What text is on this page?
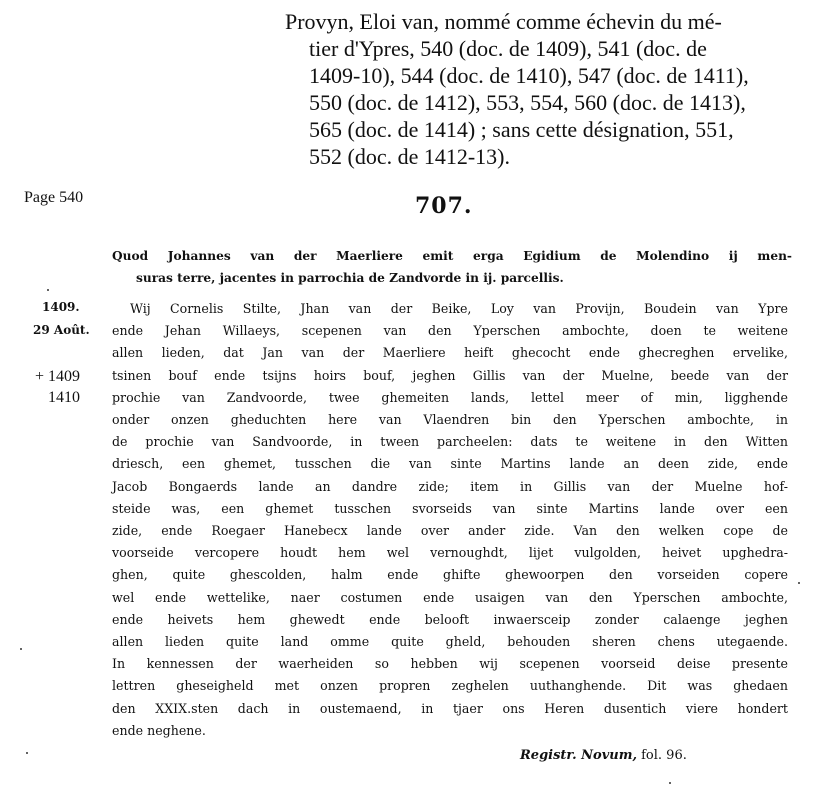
Provyn, Eloi van, nommé comme échevin du mé-
tier d'Ypres, 540 (doc. de 1409), 541 (doc. de
1409-10), 544 (doc. de 1410), 547 (doc. de 1411),
550 (doc. de 1412), 553, 554, 560 (doc. de 1413),
565 (doc. de 1414) ; sans cette désignation, 551,
552 (doc. de 1412-13).
Page 540	707.
Quod Johannes van der Maerliere emit erga Egidium de Molendino ij men-
suras terre, jacentes in parrochia de Zandvorde in ij. parcellis.
1409.
29 Août.
+ 1409
1410
Wij Cornelis Stilte, Jhan van der Beike, Loy van Provijn, Boudein van Ypre
ende Jehan Willaeys, scepenen van den Yperschen ambochte, doen te weitene
allen lieden, dat Jan van der Maerliere heift ghecocht ende ghecreghen ervelike,
tsinen bouf ende tsijns hoirs bouf, jeghen Gillis van der Muelne, beede van der
prochie van Zandvoorde, twee ghemeiten lands, lettel meer of min, ligghende
onder onzen gheduchten here van Vlaendren bin den Yperschen ambochte, in
de prochie van Sandvoorde, in tween parcheelen: dats te weitene in den Witten
driesch, een ghemet, tusschen die van sinte Martins lande an deen zide, ende
Jacob Bongaerds lande an dandre zide; item in Gillis van der Muelne hof-
steide was, een ghemet tusschen svorseids van sinte Martins lande over een
zide, ende Roegaer Hanebecx lande over ander zide. Van den welken cope de
voorseide vercopere houdt hem wel vernoughdt, lijet vulgolden, heivet upghedra-
ghen, quite ghescolden, halm ende ghifte ghewoorpen den vorseiden copere
wel ende wettelike, naer costumen ende usaigen van den Yperschen ambochte,
ende heivets hem ghewedt ende belooft inwaersceip zonder calaenge jeghen
allen lieden quite land omme quite gheld, behouden sheren chens utegaende.
In kennessen der waerheiden so hebben wij scepenen voorseid deise presente
lettren gheseigheld met onzen propren zeghelen uuthanghende. Dit was ghedaen
den XXIX.sten dach in oustemaend, in tjaer ons Heren dusentich viere hondert
ende neghene.
Registr. Novum, fol. 96.
